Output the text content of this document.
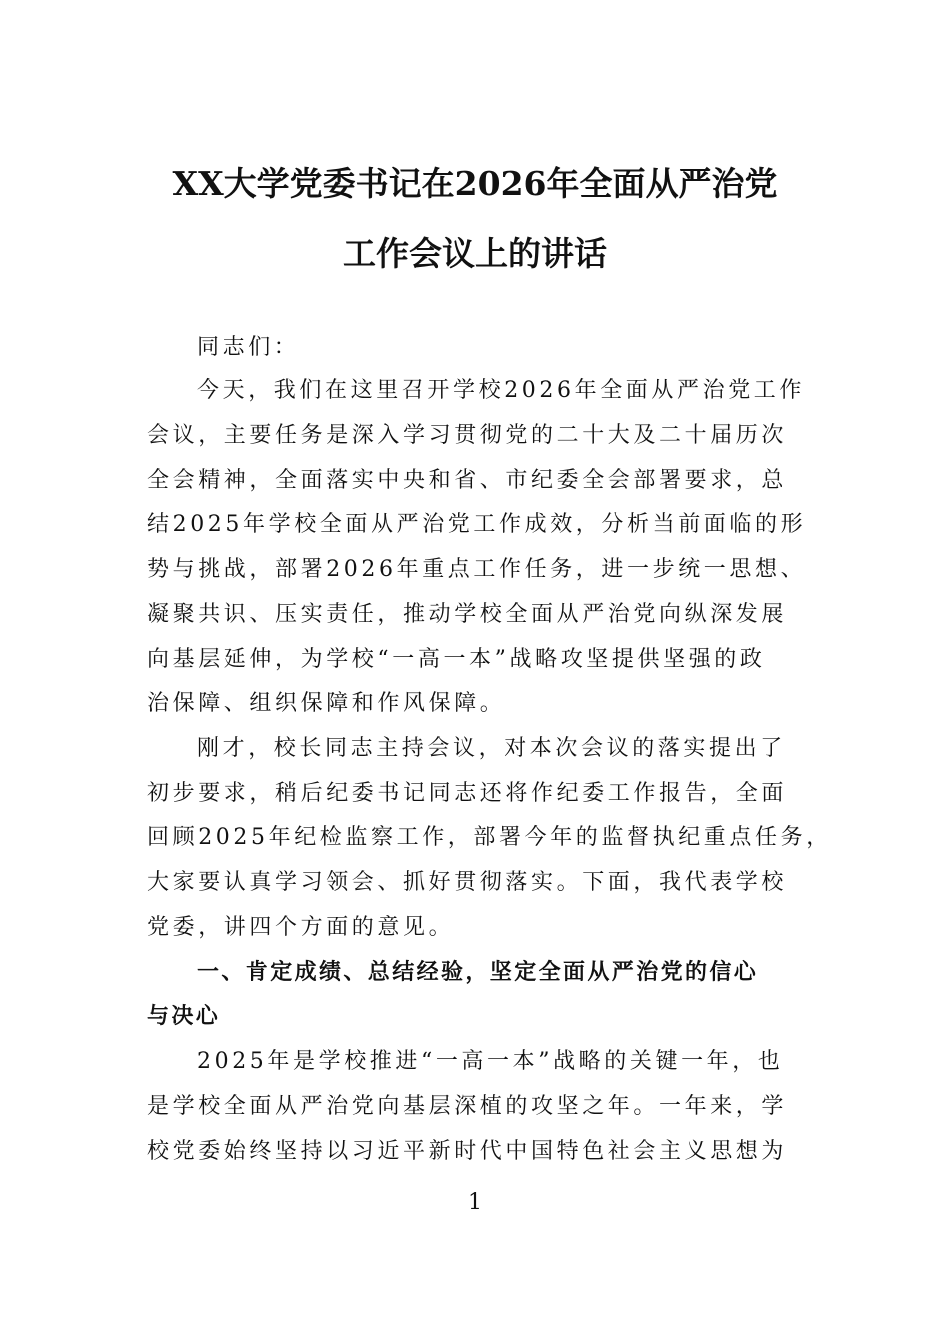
XX大学党委书记在2026年全面从严治党
工作会议上的讲话
同志们：
今天，我们在这里召开学校2026年全面从严治党工作
会议，主要任务是深入学习贯彻党的二十大及二十届历次
全会精神，全面落实中央和省、市纪委全会部署要求，总
结2025年学校全面从严治党工作成效，分析当前面临的形
势与挑战，部署2026年重点工作任务，进一步统一思想、
凝聚共识、压实责任，推动学校全面从严治党向纵深发展
向基层延伸，为学校“一高一本”战略攻坚提供坚强的政
治保障、组织保障和作风保障。
刚才，校长同志主持会议，对本次会议的落实提出了
初步要求，稍后纪委书记同志还将作纪委工作报告，全面
回顾2025年纪检监察工作，部署今年的监督执纪重点任务，
大家要认真学习领会、抓好贯彻落实。下面，我代表学校
党委，讲四个方面的意见。
一、肯定成绩、总结经验，坚定全面从严治党的信心
与决心
2025年是学校推进“一高一本”战略的关键一年，也
是学校全面从严治党向基层深植的攻坚之年。一年来，学
校党委始终坚持以习近平新时代中国特色社会主义思想为
1
